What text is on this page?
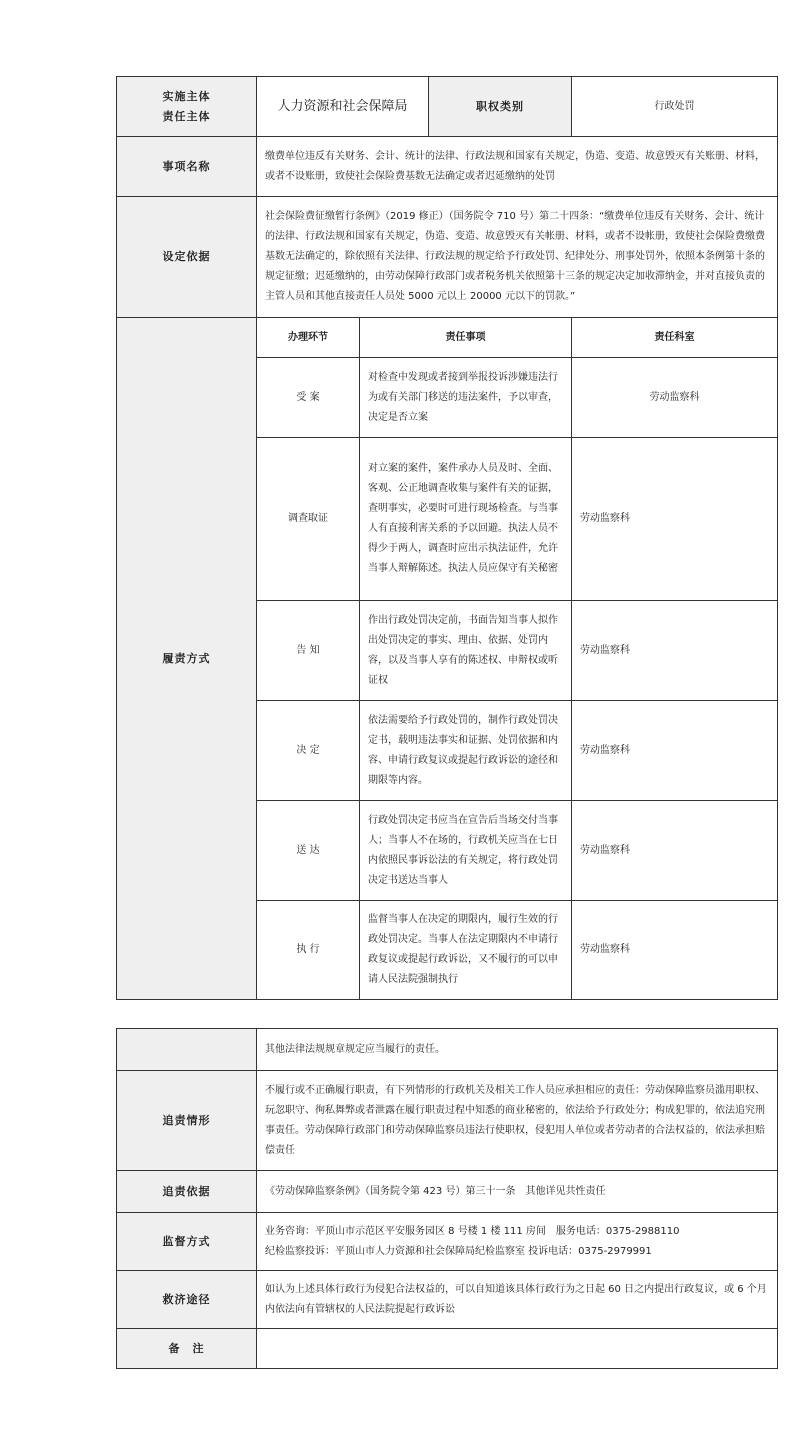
实施主体
责任主体	人力资源和社会保障局		职权类别	行政处罚
事项名称	缴费单位违反有关财务、会计、统计的法律、行政法规和国家有关规定，伪造、变造、故意毁灭有关账册、材料，或者不设账册，致使社会保险费基数无法确定或者迟延缴纳的处罚			
设定依据	社会保险费征缴暂行条例》（2019 修正）（国务院令 710 号）第二十四条：“缴费单位违反有关财务、会计、统计的法律、行政法规和国家有关规定，伪造、变造、故意毁灭有关帐册、材料，或者不设帐册，致使社会保险费缴费基数无法确定的，除依照有关法律、行政法规的规定给予行政处罚、纪律处分、刑事处罚外，依照本条例第十条的规定征缴；迟延缴纳的，由劳动保障行政部门或者税务机关依照第十三条的规定决定加收滞纳金，并对直接负责的主管人员和其他直接责任人员处 5000 元以上 20000 元以下的罚款。”			
履责方式	办理环节	责任事项		责任科室
	受 案	对检查中发现或者接到举报投诉涉嫌违法行为或有关部门移送的违法案件，予以审查，决定是否立案		劳动监察科
	调查取证	对立案的案件，案件承办人员及时、全面、客观、公正地调查收集与案件有关的证据，查明事实，必要时可进行现场检查。与当事人有直接利害关系的予以回避。执法人员不得少于两人，调查时应出示执法证件，允许当事人辩解陈述。执法人员应保守有关秘密		劳动监察科
	告 知	作出行政处罚决定前，书面告知当事人拟作出处罚决定的事实、理由、依据、处罚内容，以及当事人享有的陈述权、申辩权或听证权		劳动监察科
	决 定	依法需要给予行政处罚的，制作行政处罚决定书，载明违法事实和证据、处罚依据和内容、申请行政复议或提起行政诉讼的途径和期限等内容。		劳动监察科
	送 达	行政处罚决定书应当在宣告后当场交付当事人；当事人不在场的，行政机关应当在七日内依照民事诉讼法的有关规定，将行政处罚决定书送达当事人		劳动监察科
	执 行	监督当事人在决定的期限内，履行生效的行政处罚决定。当事人在法定期限内不申请行政复议或提起行政诉讼，又不履行的可以申请人民法院强制执行		劳动监察科
	其他法律法规规章规定应当履行的责任。
追责情形	不履行或不正确履行职责，有下列情形的行政机关及相关工作人员应承担相应的责任：劳动保障监察员滥用职权、玩忽职守、徇私舞弊或者泄露在履行职责过程中知悉的商业秘密的，依法给予行政处分；构成犯罪的，依法追究刑事责任。劳动保障行政部门和劳动保障监察员违法行使职权，侵犯用人单位或者劳动者的合法权益的，依法承担赔偿责任
追责依据	《劳动保障监察条例》（国务院令第 423 号）第三十一条　其他详见共性责任
监督方式	业务咨询：平顶山市示范区平安服务园区 8 号楼 1 楼 111 房间　服务电话：0375-2988110
纪检监察投诉：平顶山市人力资源和社会保障局纪检监察室 投诉电话：0375-2979991

救济途径	如认为上述具体行政行为侵犯合法权益的，可以自知道该具体行政行为之日起 60 日之内提出行政复议，或 6 个月内依法向有管辖权的人民法院提起行政诉讼
备　注	
